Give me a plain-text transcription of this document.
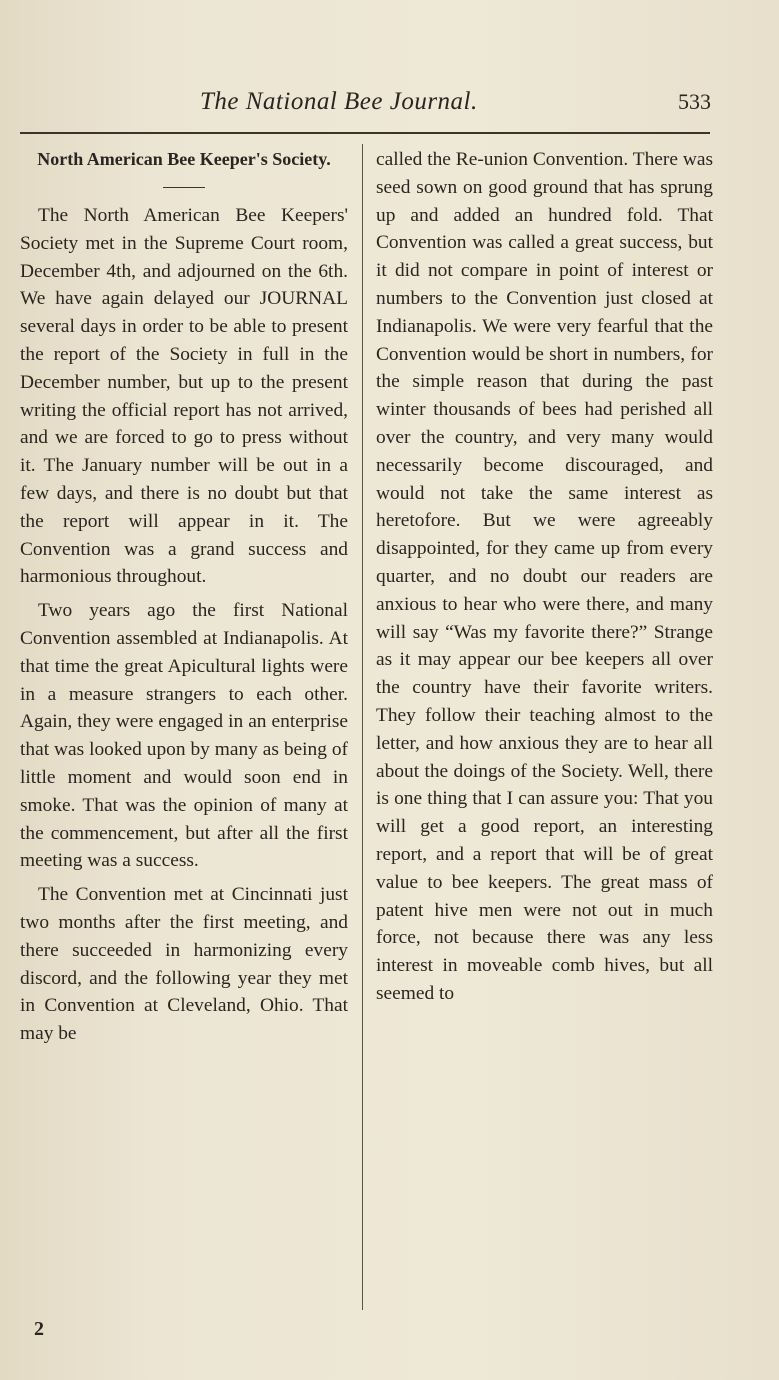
The National Bee Journal.	533

North American Bee Keeper's Society.

The North American Bee Keepers' Society met in the Supreme Court room, December 4th, and adjourned on the 6th. We have again delayed our JOURNAL several days in order to be able to present the report of the Society in full in the December number, but up to the present writing the official report has not arrived, and we are forced to go to press without it. The January number will be out in a few days, and there is no doubt but that the report will appear in it. The Convention was a grand success and harmonious throughout.

Two years ago the first National Convention assembled at Indianapolis. At that time the great Apicultural lights were in a measure strangers to each other. Again, they were engaged in an enterprise that was looked upon by many as being of little moment and would soon end in smoke. That was the opinion of many at the commencement, but after all the first meeting was a success.

The Convention met at Cincinnati just two months after the first meeting, and there succeeded in harmonizing every discord, and the following year they met in Convention at Cleveland, Ohio. That may be

called the Re-union Convention. There was seed sown on good ground that has sprung up and added an hundred fold. That Convention was called a great success, but it did not compare in point of interest or numbers to the Convention just closed at Indianapolis. We were very fearful that the Convention would be short in numbers, for the simple reason that during the past winter thousands of bees had perished all over the country, and very many would necessarily become discouraged, and would not take the same interest as heretofore. But we were agreeably disappointed, for they came up from every quarter, and no doubt our readers are anxious to hear who were there, and many will say “Was my favorite there?” Strange as it may appear our bee keepers all over the country have their favorite writers. They follow their teaching almost to the letter, and how anxious they are to hear all about the doings of the Society. Well, there is one thing that I can assure you: That you will get a good report, an interesting report, and a report that will be of great value to bee keepers. The great mass of patent hive men were not out in much force, not because there was any less interest in moveable comb hives, but all seemed to

2
